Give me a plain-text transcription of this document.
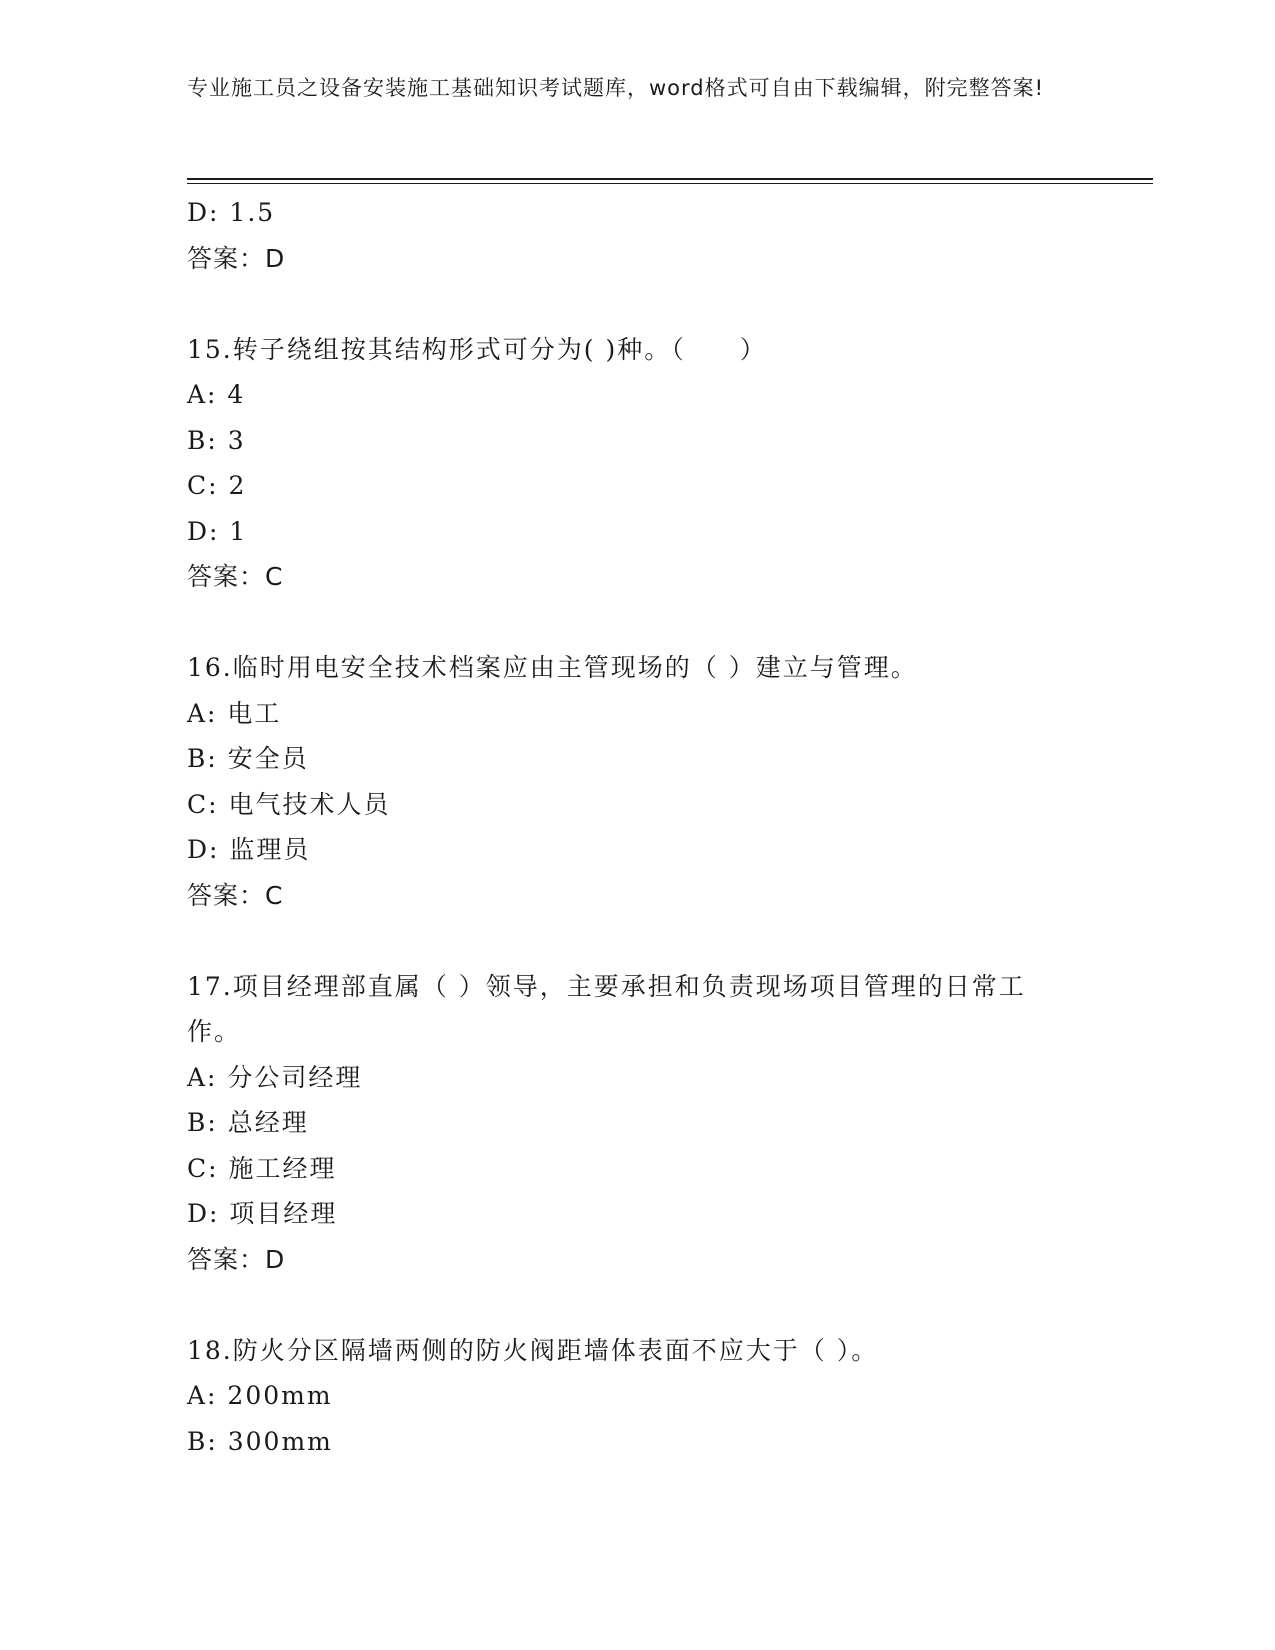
专业施工员之设备安装施工基础知识考试题库，word格式可自由下载编辑，附完整答案!
D: 1.5
答案：D
15.转子绕组按其结构形式可分为( )种。（　　）
A: 4
B: 3
C: 2
D: 1
答案：C
16.临时用电安全技术档案应由主管现场的（ ）建立与管理。
A: 电工
B: 安全员
C: 电气技术人员
D: 监理员
答案：C
17.项目经理部直属（ ）领导，主要承担和负责现场项目管理的日常工作。
A: 分公司经理
B: 总经理
C: 施工经理
D: 项目经理
答案：D
18.防火分区隔墙两侧的防火阀距墙体表面不应大于（ ）。
A: 200mm
B: 300mm
